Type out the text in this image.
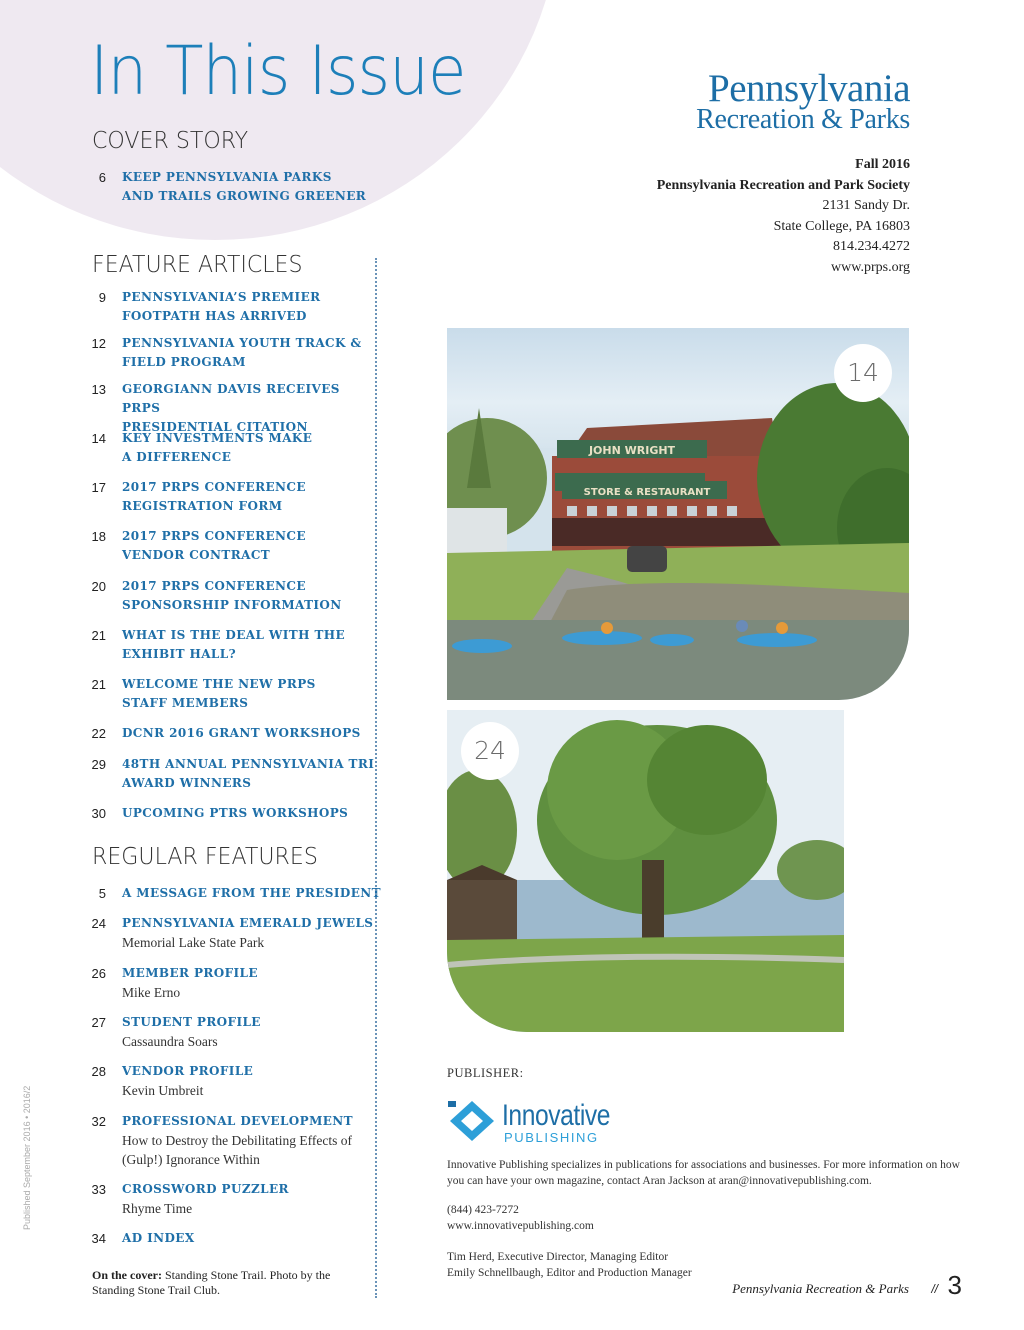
In This Issue
COVER STORY
FEATURE ARTICLES
REGULAR FEATURES
6 KEEP PENNSYLVANIA PARKS
AND TRAILS GROWING GREENER
9 PENNSYLVANIA’S PREMIER
FOOTPATH HAS ARRIVED
12 PENNSYLVANIA YOUTH TRACK &
FIELD PROGRAM
13 GEORGIANN DAVIS RECEIVES PRPS
PRESIDENTIAL CITATION
14 KEY INVESTMENTS MAKE
A DIFFERENCE
17 2017 PRPS CONFERENCE
REGISTRATION FORM
18 2017 PRPS CONFERENCE
VENDOR CONTRACT
20 2017 PRPS CONFERENCE
SPONSORSHIP INFORMATION
21 WHAT IS THE DEAL WITH THE
EXHIBIT HALL?
21 WELCOME THE NEW PRPS
STAFF MEMBERS
22 DCNR 2016 GRANT WORKSHOPS
29 48TH ANNUAL PENNSYLVANIA TRI
AWARD WINNERS
30 UPCOMING PTRS WORKSHOPS
5 A MESSAGE FROM THE PRESIDENT
24 PENNSYLVANIA EMERALD JEWELS
Memorial Lake State Park
26 MEMBER PROFILE
Mike Erno
27 STUDENT PROFILE
Cassaundra Soars
28 VENDOR PROFILE
Kevin Umbreit
32 PROFESSIONAL DEVELOPMENT
How to Destroy the Debilitating Effects of
(Gulp!) Ignorance Within
33 CROSSWORD PUZZLER
Rhyme Time
34 AD INDEX
Published September 2016 • 2016/2
On the cover: Standing Stone Trail. Photo by the Standing Stone Trail Club.
Pennsylvania
Recreation & Parks
Fall 2016
Pennsylvania Recreation and Park Society
2131 Sandy Dr.
State College, PA 16803
814.234.4272
www.prps.org
JOHN WRIGHT
STORE & RESTAURANT
14
24
PUBLISHER:
Innovative
PUBLISHING
Innovative Publishing specializes in publications for associations and businesses. For more information on how you can have your own magazine, contact Aran Jackson at aran@innovativepublishing.com.
(844) 423-7272
www.innovativepublishing.com
Tim Herd, Executive Director, Managing Editor
Emily Schnellbaugh, Editor and Production Manager
Pennsylvania Recreation & Parks // 3
